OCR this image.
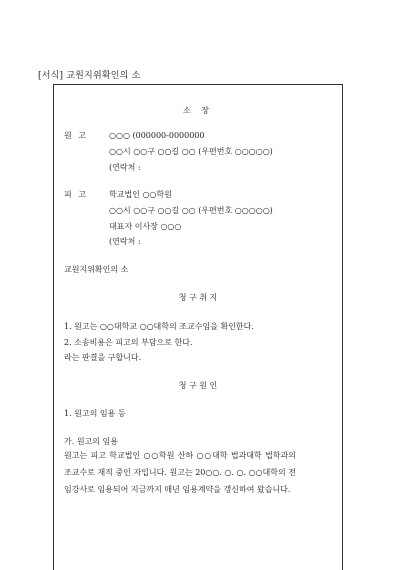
[서식] 교원지위확인의 소
소 장
원 고	○○○ (000000-0000000
○○시 ○○구 ○○길 ○○ (우편번호 ○○○○○)
(연락처 :
피 고	학교법인 ○○학원
○○시 ○○구 ○○길 ○○ (우편번호 ○○○○○)
대표자 이사장 ○○○
(연락처 :
교원지위확인의 소
청 구 취 지
1. 원고는 ○○대학교 ○○대학의 조교수임을 확인한다.
2. 소송비용은 피고의 부담으로 한다.
라는 판결을 구합니다.
청 구 원 인
1. 원고의 임용 등
가. 원고의 임용
원고는 피고 학교법인 ○○학원 산하 ○○대학 법과대학 법학과의 조교수로 재직 중인 자입니다. 원고는 20○○. ○. ○. ○○대학의 전임강사로 임용되어 지금까지 매년 임용계약을 갱신하여 왔습니다.
